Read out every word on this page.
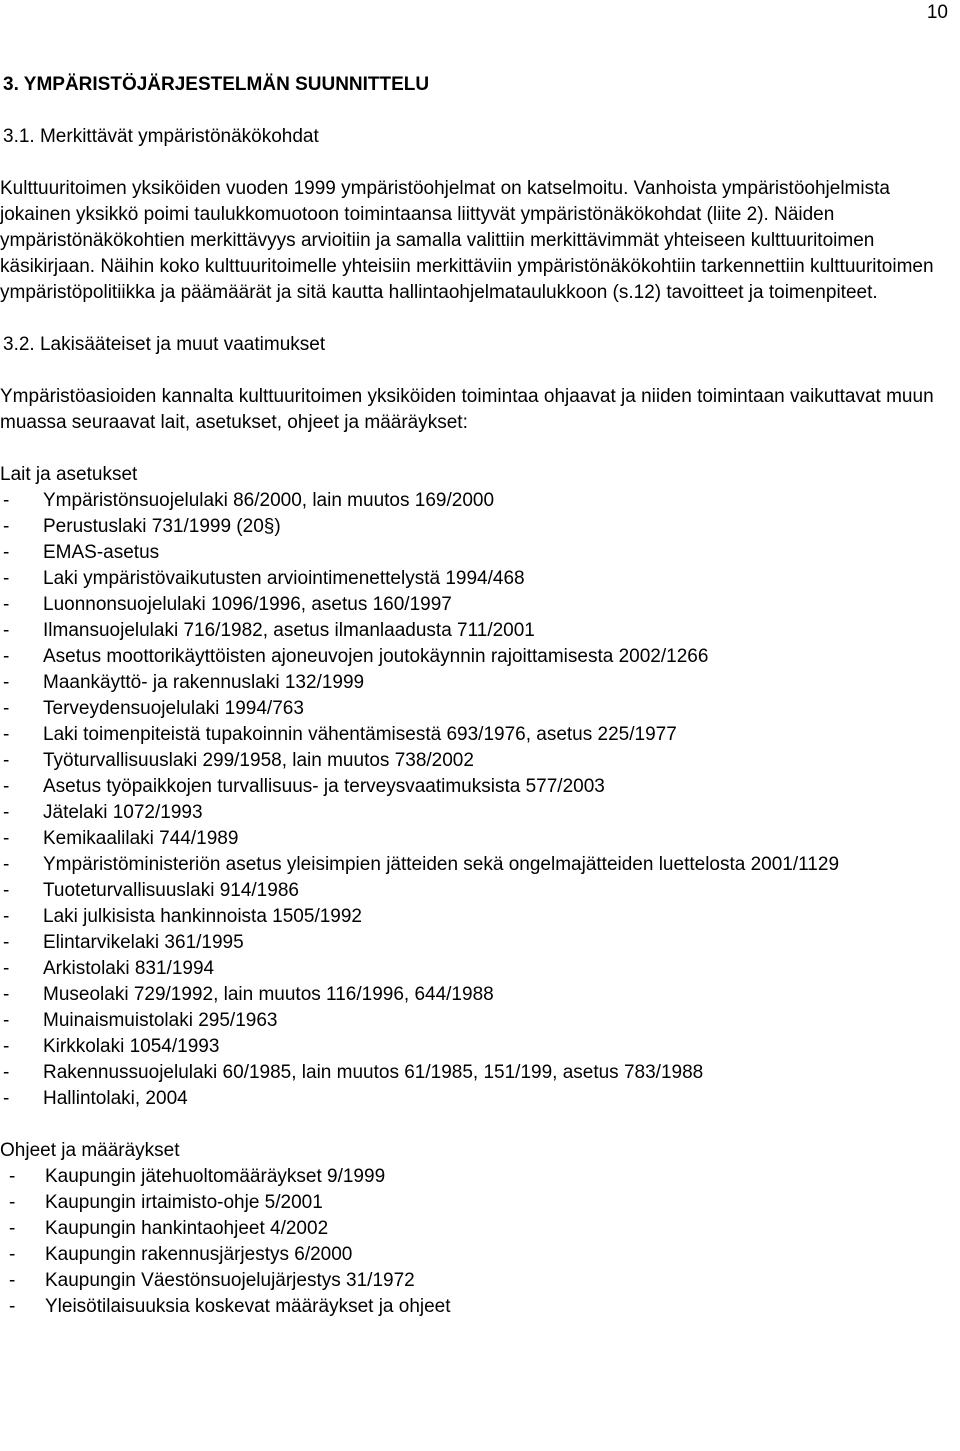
10
3. YMPÄRISTÖJÄRJESTELMÄN SUUNNITTELU
3.1. Merkittävät ympäristönäkökohdat

Kulttuuritoimen yksiköiden vuoden 1999 ympäristöohjelmat on katselmoitu. Vanhoista ympäristöohjelmista jokainen yksikkö poimi taulukkomuotoon toimintaansa liittyvät ympäristönäkökohdat (liite 2). Näiden ympäristönäkökohtien merkittävyys arvioitiin ja samalla valittiin merkittävimmät yhteiseen kulttuuritoimen käsikirjaan. Näihin koko kulttuuritoimelle yhteisiin merkittäviin ympäristönäkökohtiin tarkennettiin kulttuuritoimen ympäristöpolitiikka ja päämäärät ja sitä kautta hallintaohjelmataulukkoon (s.12) tavoitteet ja toimenpiteet.

3.2. Lakisääteiset ja muut vaatimukset

Ympäristöasioiden kannalta kulttuuritoimen yksiköiden toimintaa ohjaavat ja niiden toimintaan vaikuttavat muun muassa seuraavat lait, asetukset, ohjeet ja määräykset:

Lait ja asetukset
- Ympäristönsuojelulaki 86/2000, lain muutos 169/2000
- Perustuslaki 731/1999 (20§)
- EMAS-asetus
- Laki ympäristövaikutusten arviointimenettelystä 1994/468
- Luonnonsuojelulaki 1096/1996, asetus 160/1997
- Ilmansuojelulaki 716/1982, asetus ilmanlaadusta 711/2001
- Asetus moottorikäyttöisten ajoneuvojen joutokäynnin rajoittamisesta 2002/1266
- Maankäyttö- ja rakennuslaki 132/1999
- Terveydensuojelulaki 1994/763
- Laki toimenpiteistä tupakoinnin vähentämisestä 693/1976, asetus 225/1977
- Työturvallisuuslaki 299/1958, lain muutos 738/2002
- Asetus työpaikkojen turvallisuus- ja terveysvaatimuksista 577/2003
- Jätelaki 1072/1993
- Kemikaalilaki 744/1989
- Ympäristöministeriön asetus yleisimpien jätteiden sekä ongelmajätteiden luettelosta 2001/1129
- Tuoteturvallisuuslaki 914/1986
- Laki julkisista hankinnoista 1505/1992
- Elintarvikelaki 361/1995
- Arkistolaki 831/1994
- Museolaki 729/1992, lain muutos 116/1996, 644/1988
- Muinaismuistolaki 295/1963
- Kirkkolaki 1054/1993
- Rakennussuojelulaki 60/1985, lain muutos 61/1985, 151/199, asetus 783/1988
- Hallintolaki, 2004
Ohjeet ja määräykset
- Kaupungin jätehuoltomääräykset 9/1999
- Kaupungin irtaimisto-ohje 5/2001
- Kaupungin hankintaohjeet 4/2002
- Kaupungin rakennusjärjestys 6/2000
- Kaupungin Väestönsuojelujärjestys 31/1972
- Yleisötilaisuuksia koskevat määräykset ja ohjeet
